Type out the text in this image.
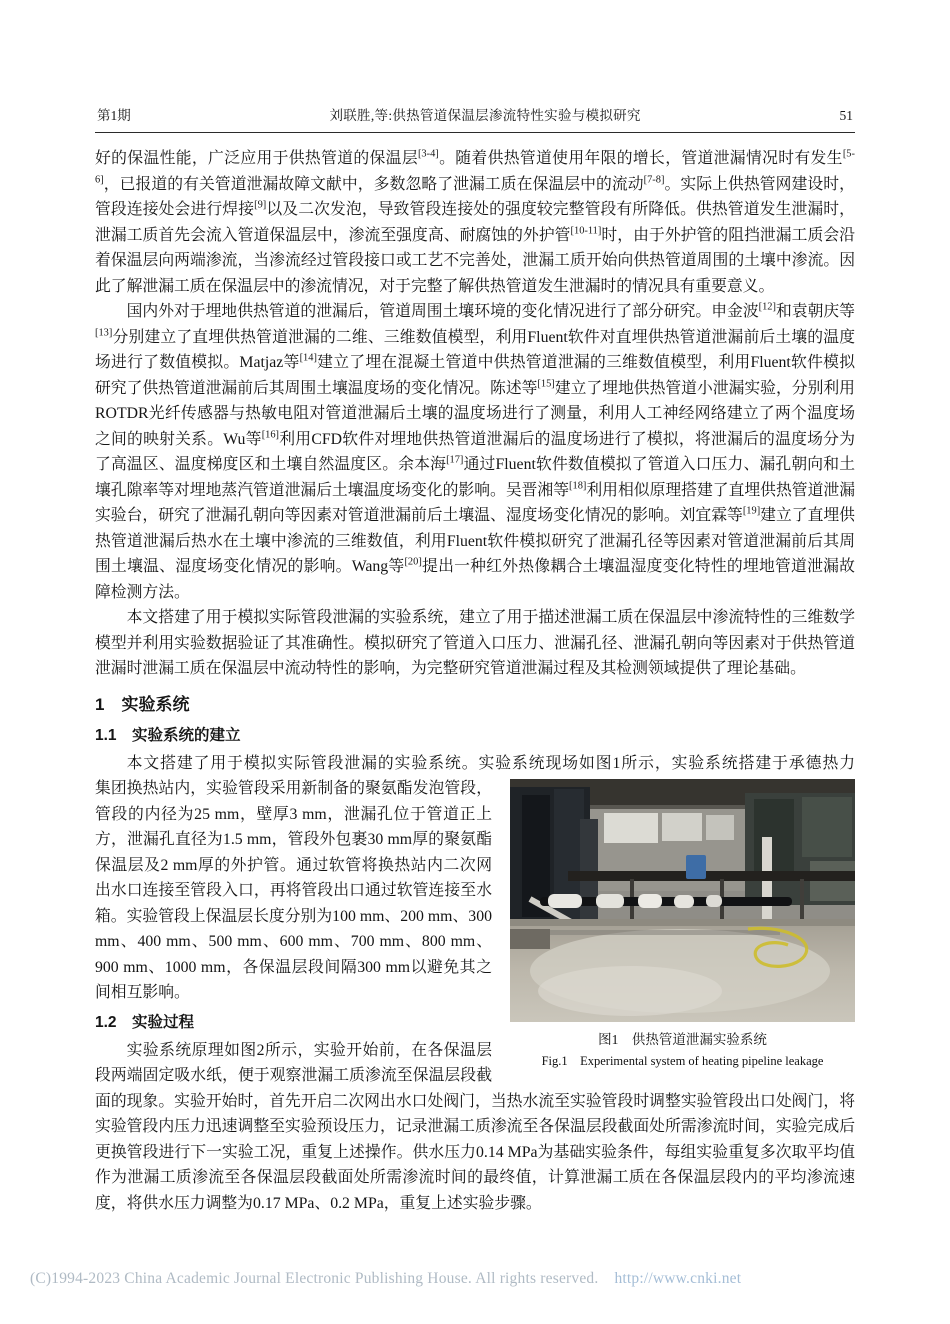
第1期	刘联胜,等:供热管道保温层渗流特性实验与模拟研究	51

好的保温性能，广泛应用于供热管道的保温层[3-4]。随着供热管道使用年限的增长，管道泄漏情况时有发生[5-6]，已报道的有关管道泄漏故障文献中，多数忽略了泄漏工质在保温层中的流动[7-8]。实际上供热管网建设时，管段连接处会进行焊接[9]以及二次发泡，导致管段连接处的强度较完整管段有所降低。供热管道发生泄漏时，泄漏工质首先会流入管道保温层中，渗流至强度高、耐腐蚀的外护管[10-11]时，由于外护管的阻挡泄漏工质会沿着保温层向两端渗流，当渗流经过管段接口或工艺不完善处，泄漏工质开始向供热管道周围的土壤中渗流。因此了解泄漏工质在保温层中的渗流情况，对于完整了解供热管道发生泄漏时的情况具有重要意义。

国内外对于埋地供热管道的泄漏后，管道周围土壤环境的变化情况进行了部分研究。申金波[12]和袁朝庆等[13]分别建立了直埋供热管道泄漏的二维、三维数值模型，利用Fluent软件对直埋供热管道泄漏前后土壤的温度场进行了数值模拟。Matjaz等[14]建立了埋在混凝土管道中供热管道泄漏的三维数值模型，利用Fluent软件模拟研究了供热管道泄漏前后其周围土壤温度场的变化情况。陈述等[15]建立了埋地供热管道小泄漏实验，分别利用ROTDR光纤传感器与热敏电阻对管道泄漏后土壤的温度场进行了测量，利用人工神经网络建立了两个温度场之间的映射关系。Wu等[16]利用CFD软件对埋地供热管道泄漏后的温度场进行了模拟，将泄漏后的温度场分为了高温区、温度梯度区和土壤自然温度区。余本海[17]通过Fluent软件数值模拟了管道入口压力、漏孔朝向和土壤孔隙率等对埋地蒸汽管道泄漏后土壤温度场变化的影响。吴晋湘等[18]利用相似原理搭建了直埋供热管道泄漏实验台，研究了泄漏孔朝向等因素对管道泄漏前后土壤温、湿度场变化情况的影响。刘宜霖等[19]建立了直埋供热管道泄漏后热水在土壤中渗流的三维数值，利用Fluent软件模拟研究了泄漏孔径等因素对管道泄漏前后其周围土壤温、湿度场变化情况的影响。Wang等[20]提出一种红外热像耦合土壤温湿度变化特性的埋地管道泄漏故障检测方法。

本文搭建了用于模拟实际管段泄漏的实验系统，建立了用于描述泄漏工质在保温层中渗流特性的三维数学模型并利用实验数据验证了其准确性。模拟研究了管道入口压力、泄漏孔径、泄漏孔朝向等因素对于供热管道泄漏时泄漏工质在保温层中流动特性的影响，为完整研究管道泄漏过程及其检测领域提供了理论基础。

1　实验系统
1.1　实验系统的建立

本文搭建了用于模拟实际管段泄漏的实验系统。实验系统现场如图1所示，实验系统搭建于承德热力
图1　供热管道泄漏实验系统
Fig.1　Experimental system of heating pipeline leakage
集团换热站内，实验管段采用新制备的聚氨酯发泡管段，管段的内径为25 mm，壁厚3 mm，泄漏孔位于管道正上方，泄漏孔直径为1.5 mm，管段外包裹30 mm厚的聚氨酯保温层及2 mm厚的外护管。通过软管将换热站内二次网出水口连接至管段入口，再将管段出口通过软管连接至水箱。实验管段上保温层长度分别为100 mm、200 mm、300 mm、400 mm、500 mm、600 mm、700 mm、800 mm、900 mm、1000 mm，各保温层段间隔300 mm以避免其之间相互影响。

1.2　实验过程

实验系统原理如图2所示，实验开始前，在各保温层段两端固定吸水纸，便于观察泄漏工质渗流至保温层段截面的现象。实验开始时，首先开启二次网出水口处阀门，当热水流至实验管段时调整实验管段出口处阀门，将实验管段内压力迅速调整至实验预设压力，记录泄漏工质渗流至各保温层段截面处所需渗流时间，实验完成后更换管段进行下一实验工况，重复上述操作。供水压力0.14 MPa为基础实验条件，每组实验重复多次取平均值作为泄漏工质渗流至各保温层段截面处所需渗流时间的最终值，计算泄漏工质在各保温层段内的平均渗流速度，将供水压力调整为0.17 MPa、0.2 MPa，重复上述实验步骤。

(C)1994-2023 China Academic Journal Electronic Publishing House. All rights reserved. http://www.cnki.net
